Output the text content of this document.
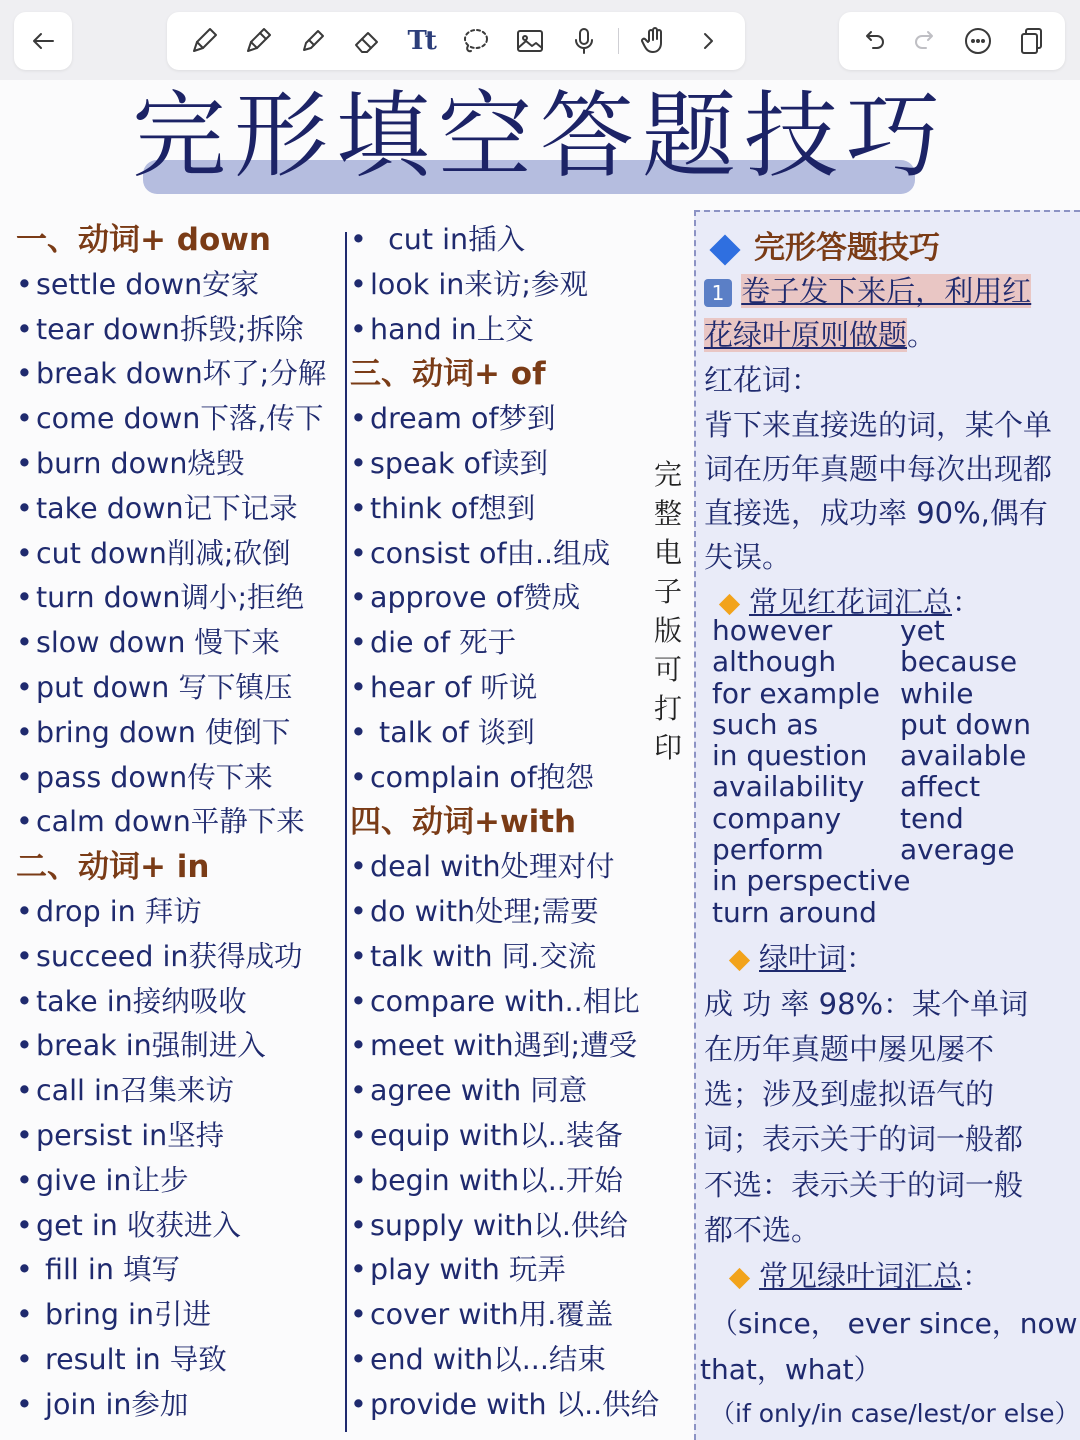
Tt
完形填空答题技巧
一、动词+ down
• settle down安家
• tear down拆毁;拆除
• break down坏了;分解
• come down下落,传下
• burn down烧毁
• take down记下记录
• cut down削减;砍倒
• turn down调小;拒绝
• slow down 慢下来
• put down 写下镇压
• bring down 使倒下
• pass down传下来
• calm down平静下来
二、动词+ in
• drop in 拜访
• succeed in获得成功
• take in接纳吸收
• break in强制进入
• call in召集来访
• persist in坚持
• give in让步
• get in 收获进入
• fill in 填写
• bring in引进
• result in 导致
• join in参加
•  cut in插入
• look in来访;参观
• hand in上交
三、动词+ of
• dream of梦到
• speak of读到
• think of想到
• consist of由..组成
• approve of赞成
• die of 死于
• hear of 听说
• talk of 谈到
• complain of抱怨
四、动词+with
• deal with处理对付
• do with处理;需要
• talk with 同.交流
• compare with..相比
• meet with遇到;遭受
• agree with 同意
• equip with以..装备
• begin with以..开始
• supply with以.供给
• play with 玩弄
• cover with用.覆盖
• end with以...结束
• provide with 以..供给
完
整
电
子
版
可
打
印
完形答题技巧
1 卷子发下来后，利用红
花绿叶原则做题。
红花词：
背下来直接选的词，某个单
词在历年真题中每次出现都
直接选，成功率 90%,偶有
失误。
常见红花词汇总：
however	yet
although	because
for example while
such as	put down
in question	available
availability	affect
company	tend
perform	average
in perspective
turn around
绿叶词：
成 功 率 98%：某个单词
在历年真题中屡见屡不
选；涉及到虚拟语气的
词；表示关于的词一般都
不选：表示关于的词一般
都不选。
常见绿叶词汇总：
（since， ever since，now
that，what）
（if only/in case/lest/or else）
